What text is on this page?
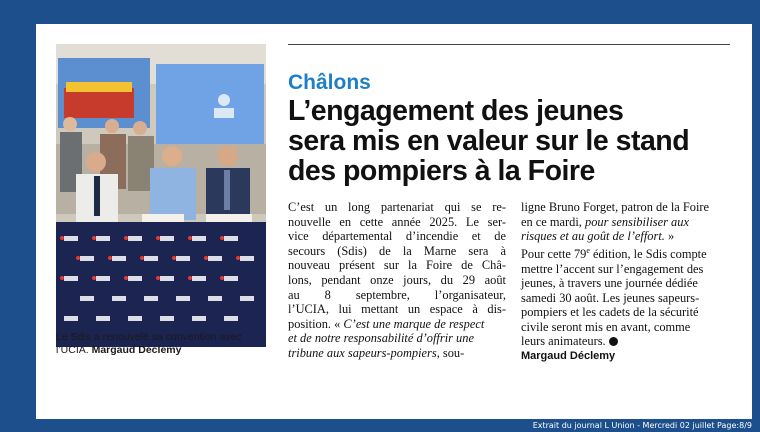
Le Sdis a renouvelé sa convention avec l’UCIA. Margaud Déclemy
Châlons
L’engagement des jeunes
sera mis en valeur sur le stand
des pompiers à la Foire
C’est un long partenariat qui se re-
nouvelle en cette année 2025. Le ser-
vice départemental d’incendie et de
secours (Sdis) de la Marne sera à
nouveau présent sur la Foire de Châ-
lons, pendant onze jours, du 29 août
au 8 septembre, l’organisateur,
l’UCIA, lui mettant un espace à dis-
position. « C’est une marque de respect
et de notre responsabilité d’offrir une
tribune aux sapeurs-pompiers, sou-
ligne Bruno Forget, patron de la Foire
en ce mardi, pour sensibiliser aux
risques et au goût de l’effort. »
Pour cette 79e édition, le Sdis compte
mettre l’accent sur l’engagement des
jeunes, à travers une journée dédiée
samedi 30 août. Les jeunes sapeurs-
pompiers et les cadets de la sécurité
civile seront mis en avant, comme
leurs animateurs.
Margaud Déclemy
Extrait du journal L Union - Mercredi 02 juillet Page:8/9
